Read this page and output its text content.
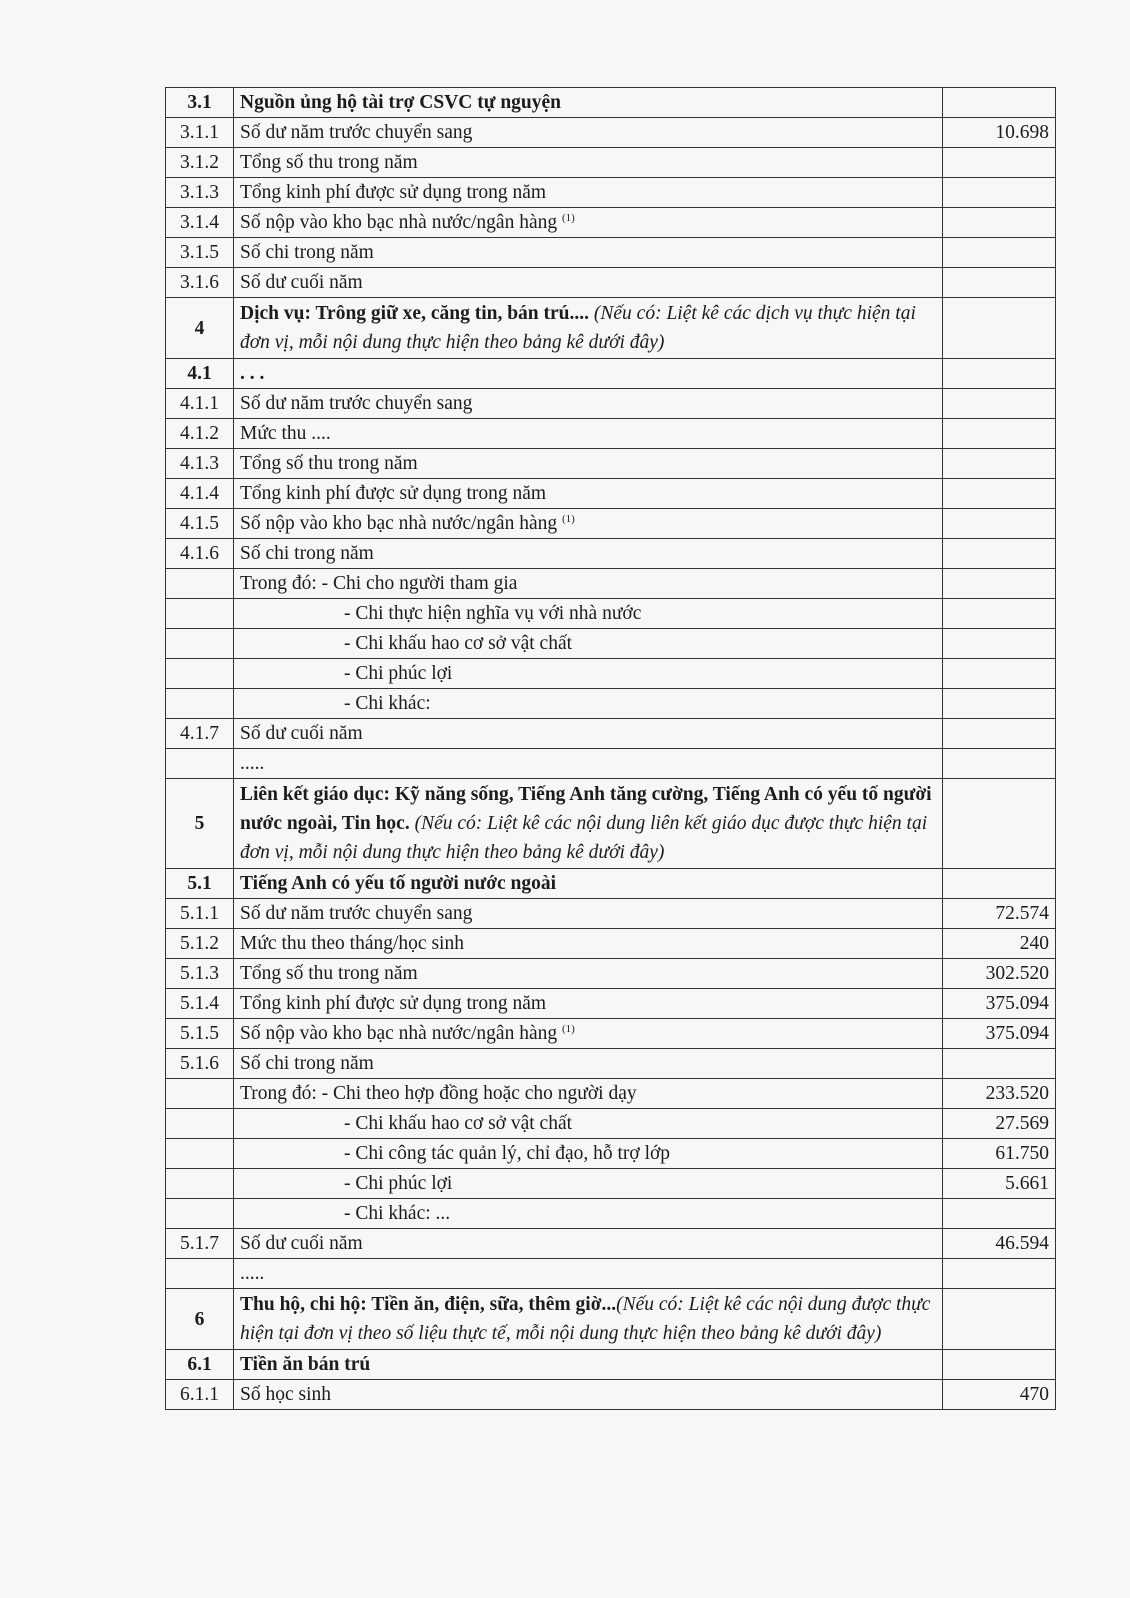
3.1	Nguồn ủng hộ tài trợ CSVC tự nguyện	
3.1.1	Số dư năm trước chuyển sang	10.698
3.1.2	Tổng số thu trong năm	
3.1.3	Tổng kinh phí được sử dụng trong năm	
3.1.4	Số nộp vào kho bạc nhà nước/ngân hàng $^{(1)}$	
3.1.5	Số chi trong năm	
3.1.6	Số dư cuối năm	
4	Dịch vụ: Trông giữ xe, căng tin, bán trú.... (Nếu có: Liệt kê các dịch vụ thực hiện tại đơn vị, mỗi nội dung thực hiện theo bảng kê dưới đây)	
4.1	. . .	
4.1.1	Số dư năm trước chuyển sang	
4.1.2	Mức thu ....	
4.1.3	Tổng số thu trong năm	
4.1.4	Tổng kinh phí được sử dụng trong năm	
4.1.5	Số nộp vào kho bạc nhà nước/ngân hàng $^{(1)}$	
4.1.6	Số chi trong năm	
	Trong đó: - Chi cho người tham gia	
	- Chi thực hiện nghĩa vụ với nhà nước	
	- Chi khấu hao cơ sở vật chất	
	- Chi phúc lợi	
	- Chi khác:	
4.1.7	Số dư cuối năm	
	.....	
5	Liên kết giáo dục: Kỹ năng sống, Tiếng Anh tăng cường, Tiếng Anh có yếu tố người nước ngoài, Tin học. (Nếu có: Liệt kê các nội dung liên kết giáo dục được thực hiện tại đơn vị, mỗi nội dung thực hiện theo bảng kê dưới đây)	
5.1	Tiếng Anh có yếu tố người nước ngoài	
5.1.1	Số dư năm trước chuyển sang	72.574
5.1.2	Mức thu theo tháng/học sinh	240
5.1.3	Tổng số thu trong năm	302.520
5.1.4	Tổng kinh phí được sử dụng trong năm	375.094
5.1.5	Số nộp vào kho bạc nhà nước/ngân hàng $^{(1)}$	375.094
5.1.6	Số chi trong năm	
	Trong đó: - Chi theo hợp đồng hoặc cho người dạy	233.520
	- Chi khấu hao cơ sở vật chất	27.569
	- Chi công tác quản lý, chỉ đạo, hỗ trợ lớp	61.750
	- Chi phúc lợi	5.661
	- Chi khác: ...	
5.1.7	Số dư cuối năm	46.594
	.....	
6	Thu hộ, chi hộ: Tiền ăn, điện, sữa, thêm giờ...(Nếu có: Liệt kê các nội dung được thực hiện tại đơn vị theo số liệu thực tế, mỗi nội dung thực hiện theo bảng kê dưới đây)	
6.1	Tiền ăn bán trú	
6.1.1	Số học sinh	470
